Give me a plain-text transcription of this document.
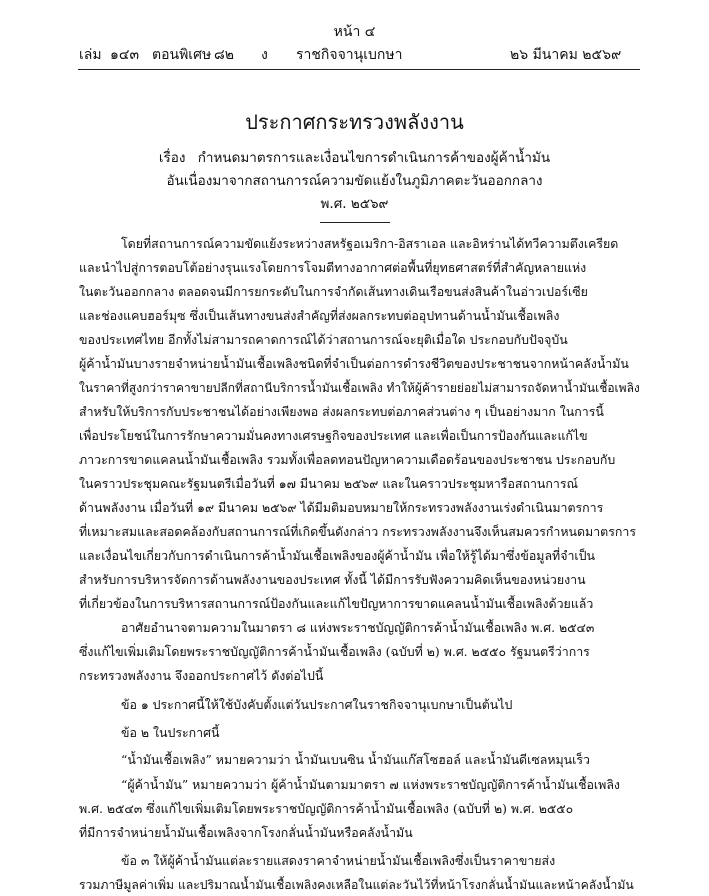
หน้า ๔
เล่ม ๑๔๓ ตอนพิเศษ ๘๒ ง ราชกิจจานุเบกษา	๒๖ มีนาคม ๒๕๖๙
ประกาศกระทรวงพลังงาน
เรื่อง กำหนดมาตรการและเงื่อนไขการดำเนินการค้าของผู้ค้าน้ำมัน
อันเนื่องมาจากสถานการณ์ความขัดแย้งในภูมิภาคตะวันออกกลาง
พ.ศ. ๒๕๖๙
โดยที่สถานการณ์ความขัดแย้งระหว่างสหรัฐอเมริกา-อิสราเอล และอิหร่านได้ทวีความตึงเครียด
และนำไปสู่การตอบโต้อย่างรุนแรงโดยการโจมตีทางอากาศต่อพื้นที่ยุทธศาสตร์ที่สำคัญหลายแห่ง
ในตะวันออกกลาง ตลอดจนมีการยกระดับในการจำกัดเส้นทางเดินเรือขนส่งสินค้าในอ่าวเปอร์เซีย
และช่องแคบฮอร์มุซ ซึ่งเป็นเส้นทางขนส่งสำคัญที่ส่งผลกระทบต่ออุปทานด้านน้ำมันเชื้อเพลิง
ของประเทศไทย อีกทั้งไม่สามารถคาดการณ์ได้ว่าสถานการณ์จะยุติเมื่อใด ประกอบกับปัจจุบัน
ผู้ค้าน้ำมันบางรายจำหน่ายน้ำมันเชื้อเพลิงชนิดที่จำเป็นต่อการดำรงชีวิตของประชาชนจากหน้าคลังน้ำมัน
ในราคาที่สูงกว่าราคาขายปลีกที่สถานีบริการน้ำมันเชื้อเพลิง ทำให้ผู้ค้ารายย่อยไม่สามารถจัดหาน้ำมันเชื้อเพลิง
สำหรับให้บริการกับประชาชนได้อย่างเพียงพอ ส่งผลกระทบต่อภาคส่วนต่าง ๆ เป็นอย่างมาก ในการนี้
เพื่อประโยชน์ในการรักษาความมั่นคงทางเศรษฐกิจของประเทศ และเพื่อเป็นการป้องกันและแก้ไข
ภาวะการขาดแคลนน้ำมันเชื้อเพลิง รวมทั้งเพื่อลดทอนปัญหาความเดือดร้อนของประชาชน ประกอบกับ
ในคราวประชุมคณะรัฐมนตรีเมื่อวันที่ ๑๗ มีนาคม ๒๕๖๙ และในคราวประชุมหารือสถานการณ์
ด้านพลังงาน เมื่อวันที่ ๑๙ มีนาคม ๒๕๖๙ ได้มีมติมอบหมายให้กระทรวงพลังงานเร่งดำเนินมาตรการ
ที่เหมาะสมและสอดคล้องกับสถานการณ์ที่เกิดขึ้นดังกล่าว กระทรวงพลังงานจึงเห็นสมควรกำหนดมาตรการ
และเงื่อนไขเกี่ยวกับการดำเนินการค้าน้ำมันเชื้อเพลิงของผู้ค้าน้ำมัน เพื่อให้รู้ได้มาซึ่งข้อมูลที่จำเป็น
สำหรับการบริหารจัดการด้านพลังงานของประเทศ ทั้งนี้ ได้มีการรับฟังความคิดเห็นของหน่วยงาน
ที่เกี่ยวข้องในการบริหารสถานการณ์ป้องกันและแก้ไขปัญหาการขาดแคลนน้ำมันเชื้อเพลิงด้วยแล้ว
อาศัยอำนาจตามความในมาตรา ๘ แห่งพระราชบัญญัติการค้าน้ำมันเชื้อเพลิง พ.ศ. ๒๕๔๓
ซึ่งแก้ไขเพิ่มเติมโดยพระราชบัญญัติการค้าน้ำมันเชื้อเพลิง (ฉบับที่ ๒) พ.ศ. ๒๕๕๐ รัฐมนตรีว่าการ
กระทรวงพลังงาน จึงออกประกาศไว้ ดังต่อไปนี้
ข้อ ๑ ประกาศนี้ให้ใช้บังคับตั้งแต่วันประกาศในราชกิจจานุเบกษาเป็นต้นไป
ข้อ ๒ ในประกาศนี้
“น้ำมันเชื้อเพลิง” หมายความว่า น้ำมันเบนซิน น้ำมันแก๊สโซฮอล์ และน้ำมันดีเซลหมุนเร็ว
“ผู้ค้าน้ำมัน” หมายความว่า ผู้ค้าน้ำมันตามมาตรา ๗ แห่งพระราชบัญญัติการค้าน้ำมันเชื้อเพลิง
พ.ศ. ๒๕๔๓ ซึ่งแก้ไขเพิ่มเติมโดยพระราชบัญญัติการค้าน้ำมันเชื้อเพลิง (ฉบับที่ ๒) พ.ศ. ๒๕๕๐
ที่มีการจำหน่ายน้ำมันเชื้อเพลิงจากโรงกลั่นน้ำมันหรือคลังน้ำมัน
ข้อ ๓ ให้ผู้ค้าน้ำมันแต่ละรายแสดงราคาจำหน่ายน้ำมันเชื้อเพลิงซึ่งเป็นราคาขายส่ง
รวมภาษีมูลค่าเพิ่ม และปริมาณน้ำมันเชื้อเพลิงคงเหลือในแต่ละวันไว้ที่หน้าโรงกลั่นน้ำมันและหน้าคลังน้ำมัน
